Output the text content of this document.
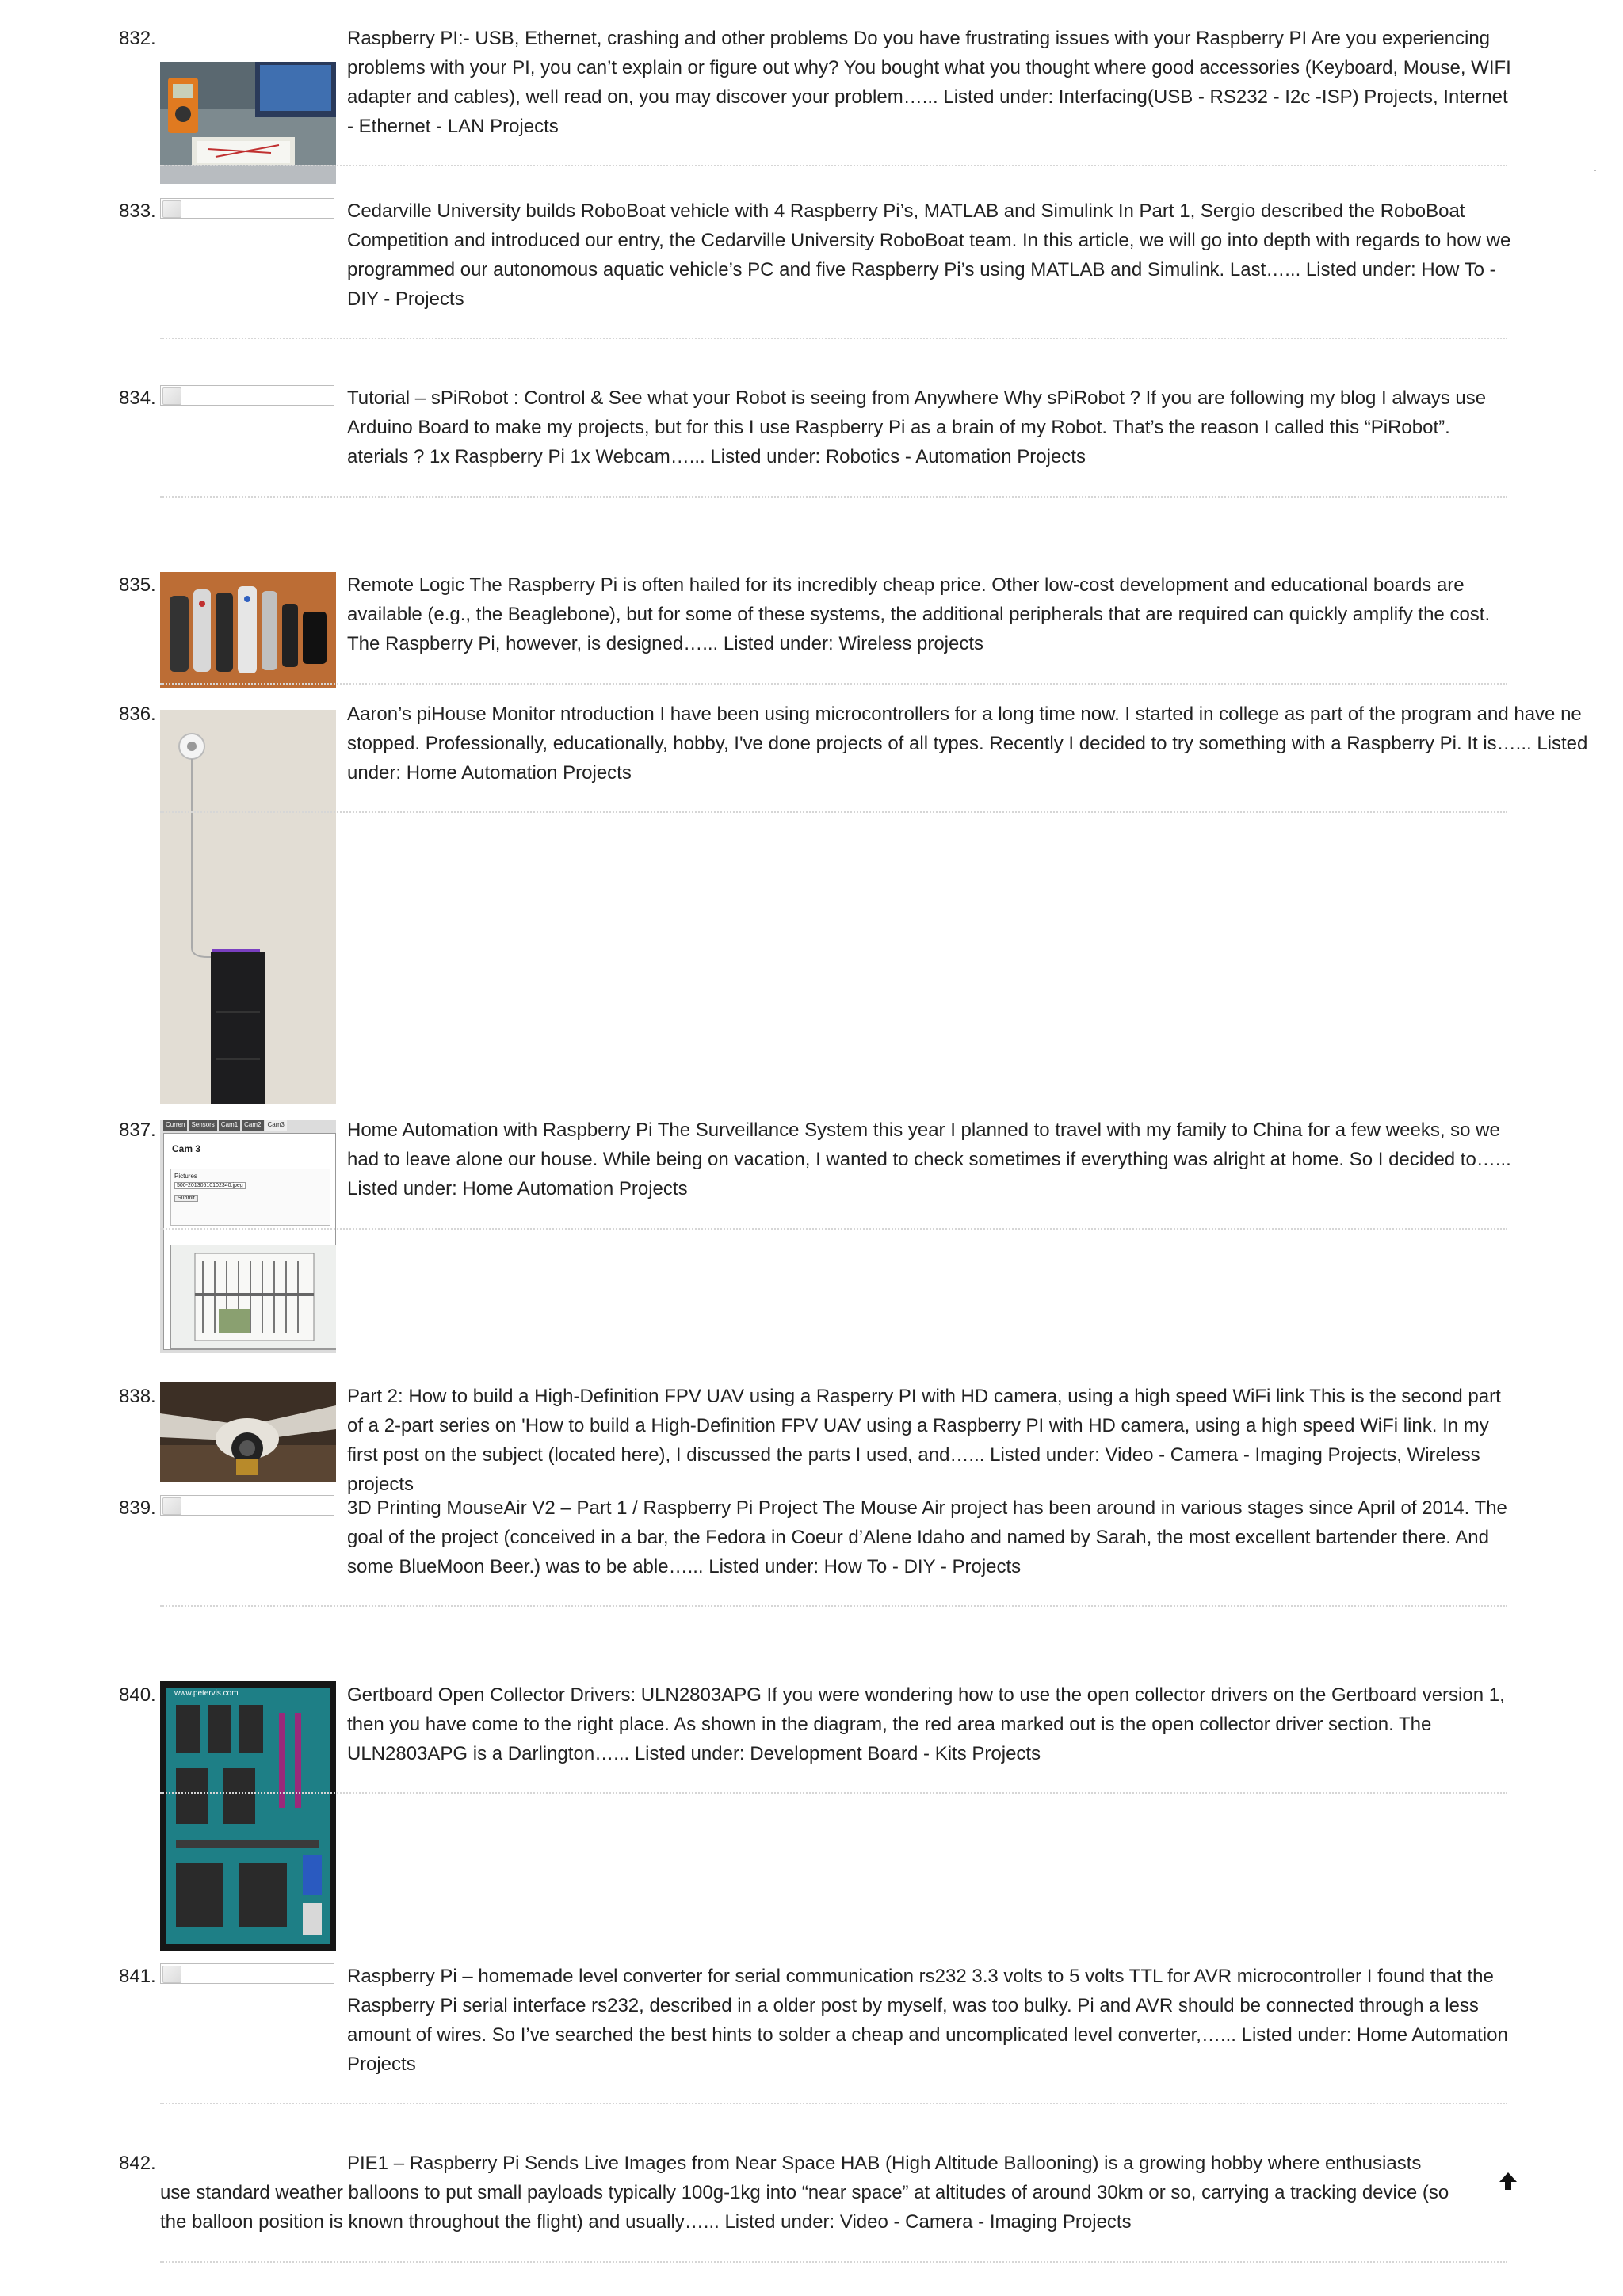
832.	Raspberry PI:- USB, Ethernet, crashing and other problems Do you have frustrating issues with your Raspberry PI Are you experiencing problems with your PI, you can’t explain or figure out why? You bought what you thought where good accessories (Keyboard, Mouse, WIFI adapter and cables), well read on, you may discover your problem…... Listed under: Interfacing(USB - RS232 - I2c -ISP) Projects, Internet - Ethernet - LAN Projects
833.	Cedarville University builds RoboBoat vehicle with 4 Raspberry Pi’s, MATLAB and Simulink In Part 1, Sergio described the RoboBoat Competition and introduced our entry, the Cedarville University RoboBoat team. In this article, we will go into depth with regards to how we programmed our autonomous aquatic vehicle’s PC and five Raspberry Pi’s using MATLAB and Simulink. Last…... Listed under: How To - DIY - Projects
834.	Tutorial – sPiRobot : Control & See what your Robot is seeing from Anywhere Why sPiRobot ? If you are following my blog I always use Arduino Board to make my projects, but for this I use Raspberry Pi as a brain of my Robot. That’s the reason I called this “PiRobot”. aterials ? 1x Raspberry Pi 1x Webcam…... Listed under: Robotics - Automation Projects
835.	Remote Logic The Raspberry Pi is often hailed for its incredibly cheap price. Other low-cost development and educational boards are available (e.g., the Beaglebone), but for some of these systems, the additional peripherals that are required can quickly amplify the cost. The Raspberry Pi, however, is designed…... Listed under: Wireless projects
836.	Aaron’s piHouse Monitor ntroduction I have been using microcontrollers for a long time now. I started in college as part of the program and have ne stopped. Professionally, educationally, hobby, I've done projects of all types. Recently I decided to try something with a Raspberry Pi. It is…... Listed under: Home Automation Projects
837.	Curren	Sensors	Cam1	Cam2	Cam3
Cam 3
Pictures
500-20130510102340.jpeg
Submit
Home Automation with Raspberry Pi The Surveillance System this year I planned to travel with my family to China for a few weeks, so we had to leave alone our house. While being on vacation, I wanted to check sometimes if everything was alright at home. So I decided to…... Listed under: Home Automation Projects
838.	Part 2: How to build a High-Definition FPV UAV using a Rasperry PI with HD camera, using a high speed WiFi link This is the second part of a 2-part series on 'How to build a High-Definition FPV UAV using a Raspberry PI with HD camera, using a high speed WiFi link. In my first post on the subject (located here), I discussed the parts I used, and…... Listed under: Video - Camera - Imaging Projects, Wireless projects
839.	3D Printing MouseAir V2 – Part 1 / Raspberry Pi Project The Mouse Air project has been around in various stages since April of 2014. The goal of the project (conceived in a bar, the Fedora in Coeur d’Alene Idaho and named by Sarah, the most excellent bartender there. And some BlueMoon Beer.) was to be able…... Listed under: How To - DIY - Projects
840. www.petervis.com	Gertboard Open Collector Drivers: ULN2803APG If you were wondering how to use the open collector drivers on the Gertboard version 1, then you have come to the right place. As shown in the diagram, the red area marked out is the open collector driver section. The ULN2803APG is a Darlington…... Listed under: Development Board - Kits Projects
841.	Raspberry Pi – homemade level converter for serial communication rs232 3.3 volts to 5 volts TTL for AVR microcontroller I found that the Raspberry Pi serial interface rs232, described in a older post by myself, was too bulky. Pi and AVR should be connected through a less amount of wires. So I’ve searched the best hints to solder a cheap and uncomplicated level converter,…... Listed under: Home Automation Projects
842.	PIE1 – Raspberry Pi Sends Live Images from Near Space HAB (High Altitude Ballooning) is a growing hobby where enthusiasts use standard weather balloons to put small payloads typically 100g-1kg into “near space” at altitudes of around 30km or so, carrying a tracking device (so the balloon position is known throughout the flight) and usually…... Listed under: Video - Camera - Imaging Projects
